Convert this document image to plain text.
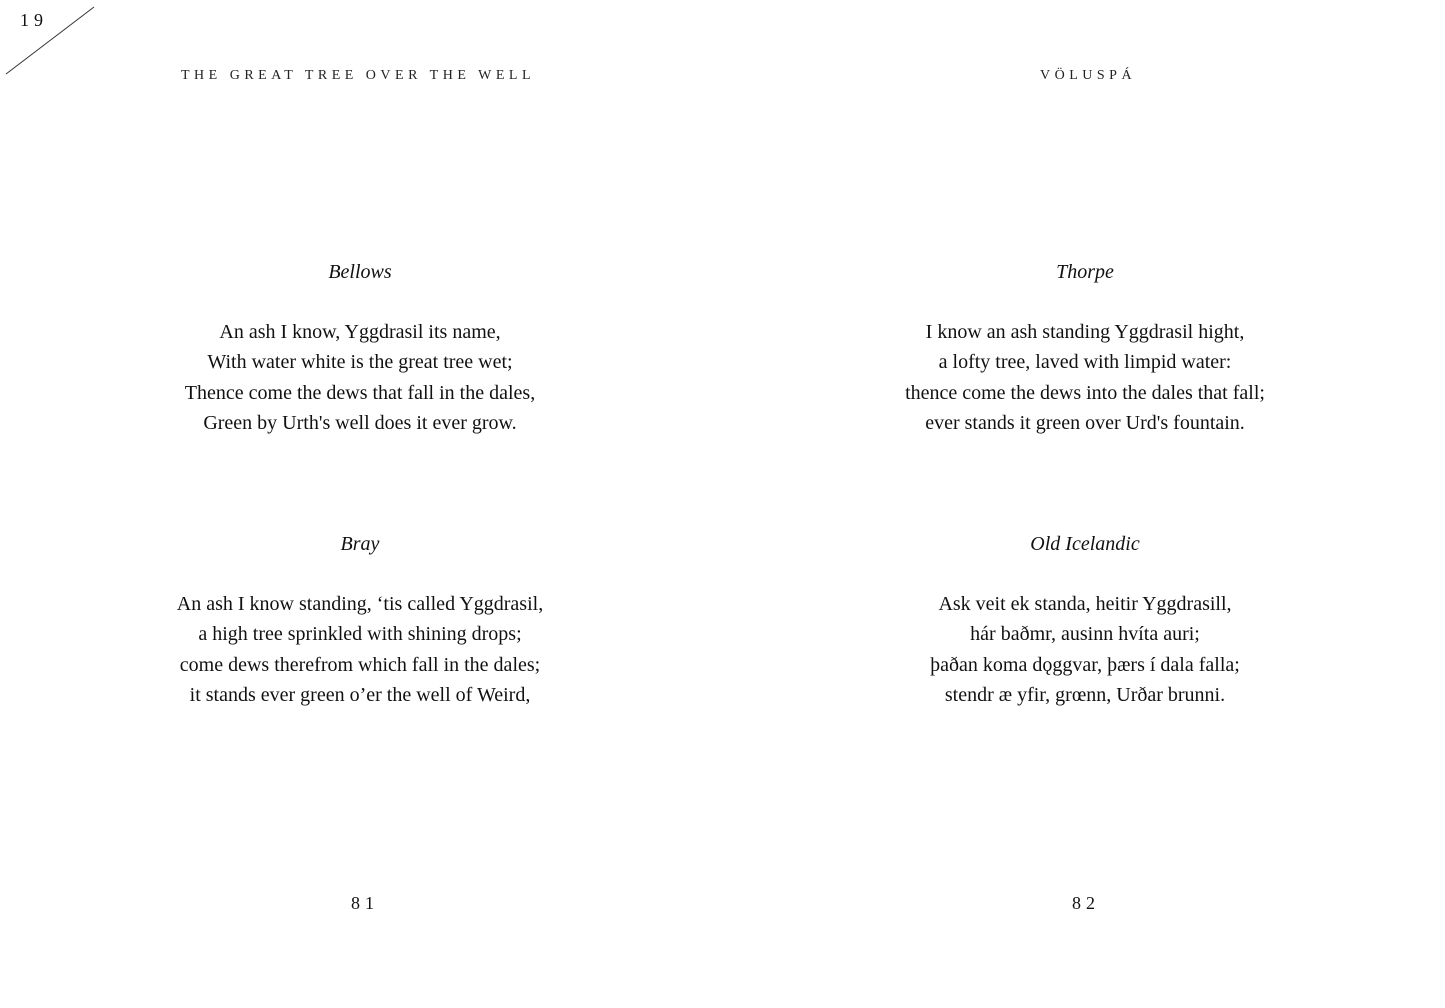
19
THE GREAT TREE OVER THE WELL	VÖLUSPÁ
Bellows
An ash I know, Yggdrasil its name,
With water white is the great tree wet;
Thence come the dews that fall in the dales,
Green by Urth's well does it ever grow.
Bray
An ash I know standing, ‘tis called Yggdrasil,
a high tree sprinkled with shining drops;
come dews therefrom which fall in the dales;
it stands ever green o’er the well of Weird,
81
Thorpe
I know an ash standing Yggdrasil hight,
a lofty tree, laved with limpid water:
thence come the dews into the dales that fall;
ever stands it green over Urd's fountain.
Old Icelandic
Ask veit ek standa, heitir Yggdrasill,
hár baðmr, ausinn hvíta auri;
þaðan koma dǫggvar, þærs í dala falla;
stendr æ yfir, grœnn, Urðar brunni.
82
